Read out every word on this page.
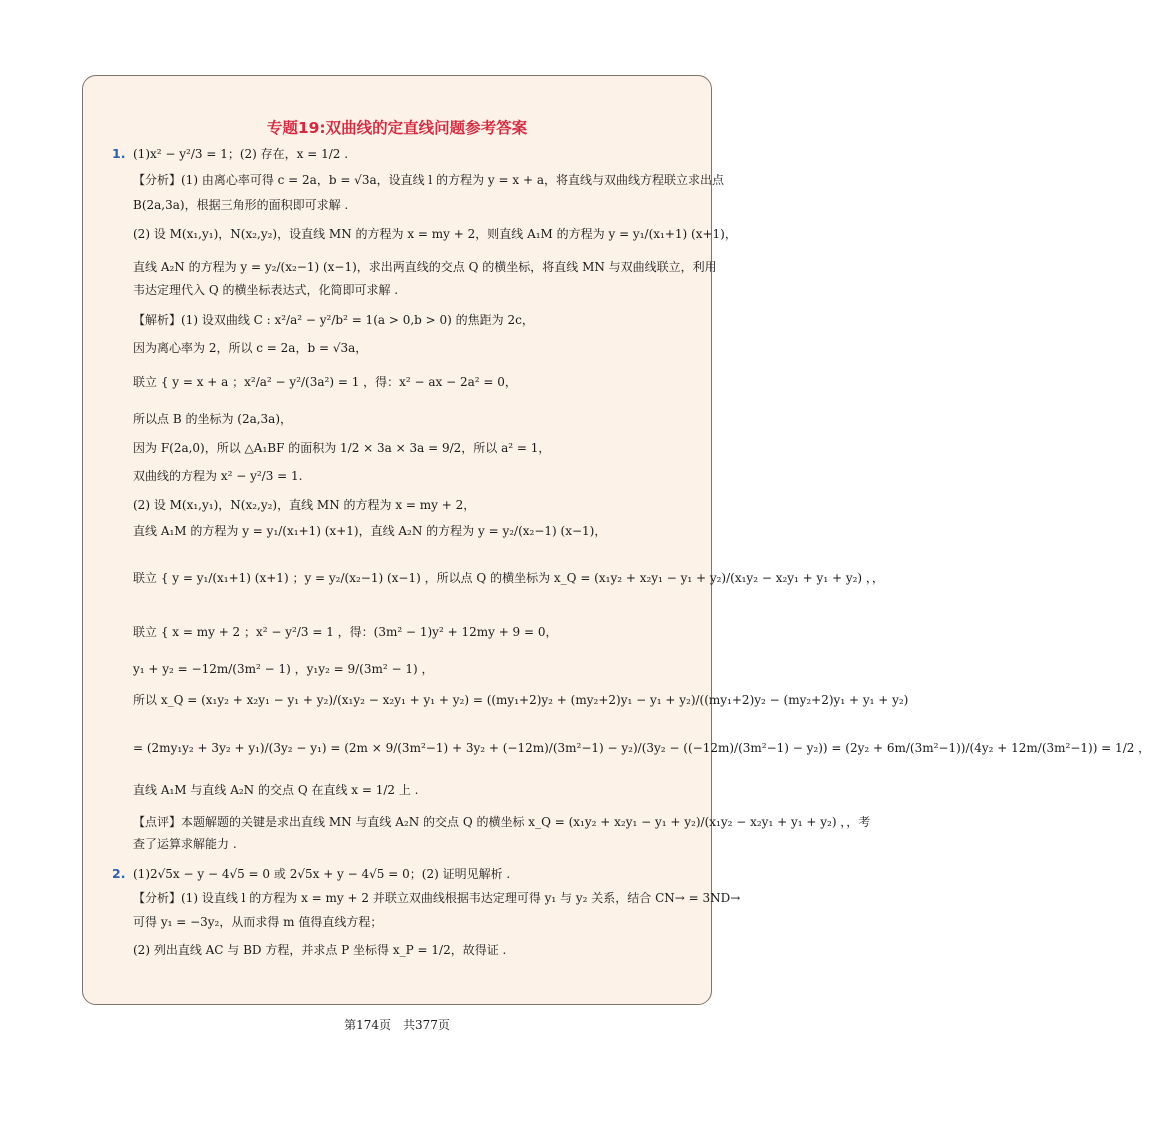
专题19:双曲线的定直线问题参考答案
1. (1)x² − y²/3 = 1；(2) 存在，x = 1/2 .

【分析】(1) 由离心率可得 c = 2a，b = √3a，设直线 l 的方程为 y = x + a，将直线与双曲线方程联立求出点

B(2a,3a)，根据三角形的面积即可求解 .

(2) 设 M(x₁,y₁)，N(x₂,y₂)，设直线 MN 的方程为 x = my + 2，则直线 A₁M 的方程为 y = y₁/(x₁+1) (x+1)，

直线 A₂N 的方程为 y = y₂/(x₂−1) (x−1)，求出两直线的交点 Q 的横坐标，将直线 MN 与双曲线联立，利用

韦达定理代入 Q 的横坐标表达式，化简即可求解 .

【解析】(1) 设双曲线 C : x²/a² − y²/b² = 1(a > 0,b > 0) 的焦距为 2c，

因为离心率为 2，所以 c = 2a，b = √3a，

联立 { y = x + a ；x²/a² − y²/(3a²) = 1 ，得：x² − ax − 2a² = 0，

所以点 B 的坐标为 (2a,3a)，

因为 F(2a,0)，所以 △A₁BF 的面积为 1/2 × 3a × 3a = 9/2，所以 a² = 1，

双曲线的方程为 x² − y²/3 = 1.

(2) 设 M(x₁,y₁)，N(x₂,y₂)，直线 MN 的方程为 x = my + 2，

直线 A₁M 的方程为 y = y₁/(x₁+1) (x+1)，直线 A₂N 的方程为 y = y₂/(x₂−1) (x−1)，

联立 { y = y₁/(x₁+1) (x+1) ；y = y₂/(x₂−1) (x−1) ，所以点 Q 的横坐标为 x_Q = (x₁y₂ + x₂y₁ − y₁ + y₂)/(x₁y₂ − x₂y₁ + y₁ + y₂) ，，

联立 { x = my + 2 ；x² − y²/3 = 1 ，得：(3m² − 1)y² + 12my + 9 = 0，

y₁ + y₂ = −12m/(3m² − 1) ，y₁y₂ = 9/(3m² − 1) ，

所以 x_Q = (x₁y₂ + x₂y₁ − y₁ + y₂)/(x₁y₂ − x₂y₁ + y₁ + y₂) = ((my₁+2)y₂ + (my₂+2)y₁ − y₁ + y₂)/((my₁+2)y₂ − (my₂+2)y₁ + y₁ + y₂)

= (2my₁y₂ + 3y₂ + y₁)/(3y₂ − y₁) = (2m × 9/(3m²−1) + 3y₂ + (−12m)/(3m²−1) − y₂)/(3y₂ − ((−12m)/(3m²−1) − y₂)) = (2y₂ + 6m/(3m²−1))/(4y₂ + 12m/(3m²−1)) = 1/2 ，

直线 A₁M 与直线 A₂N 的交点 Q 在直线 x = 1/2 上 .

【点评】本题解题的关键是求出直线 MN 与直线 A₂N 的交点 Q 的横坐标 x_Q = (x₁y₂ + x₂y₁ − y₁ + y₂)/(x₁y₂ − x₂y₁ + y₁ + y₂) ，，考

查了运算求解能力 .

2. (1)2√5x − y − 4√5 = 0 或 2√5x + y − 4√5 = 0；(2) 证明见解析 .

【分析】(1) 设直线 l 的方程为 x = my + 2 并联立双曲线根据韦达定理可得 y₁ 与 y₂ 关系，结合 CN→ = 3ND→

可得 y₁ = −3y₂，从而求得 m 值得直线方程；

(2) 列出直线 AC 与 BD 方程，并求点 P 坐标得 x_P = 1/2，故得证 .

第174页　共377页
